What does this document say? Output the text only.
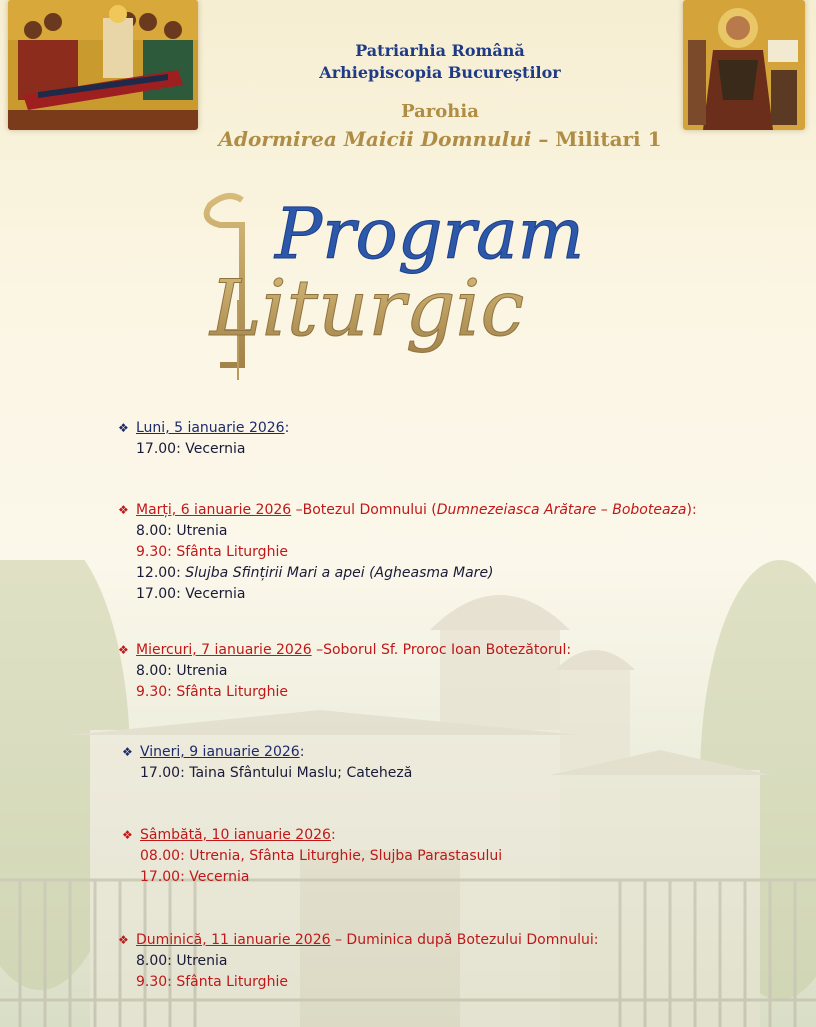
Patriarhia Română
Arhiepiscopia Bucureștilor
Parohia
Adormirea Maicii Domnului – Militari 1
Program
Liturgic
❖ Luni, 5 ianuarie 2026:
17.00: Vecernia
❖ Marți, 6 ianuarie 2026 –Botezul Domnului (Dumnezeiasca Arătare – Boboteaza):
8.00: Utrenia
9.30: Sfânta Liturghie
12.00: Slujba Sfințirii Mari a apei (Agheasma Mare)
17.00: Vecernia
❖ Miercuri, 7 ianuarie 2026 –Soborul Sf. Proroc Ioan Botezătorul:
8.00: Utrenia
9.30: Sfânta Liturghie
❖ Vineri, 9 ianuarie 2026:
17.00: Taina Sfântului Maslu; Cateheză
❖ Sâmbătă, 10 ianuarie 2026:
08.00: Utrenia, Sfânta Liturghie, Slujba Parastasului
17.00: Vecernia
❖ Duminică, 11 ianuarie 2026 – Duminica după Botezului Domnului:
8.00: Utrenia
9.30: Sfânta Liturghie
